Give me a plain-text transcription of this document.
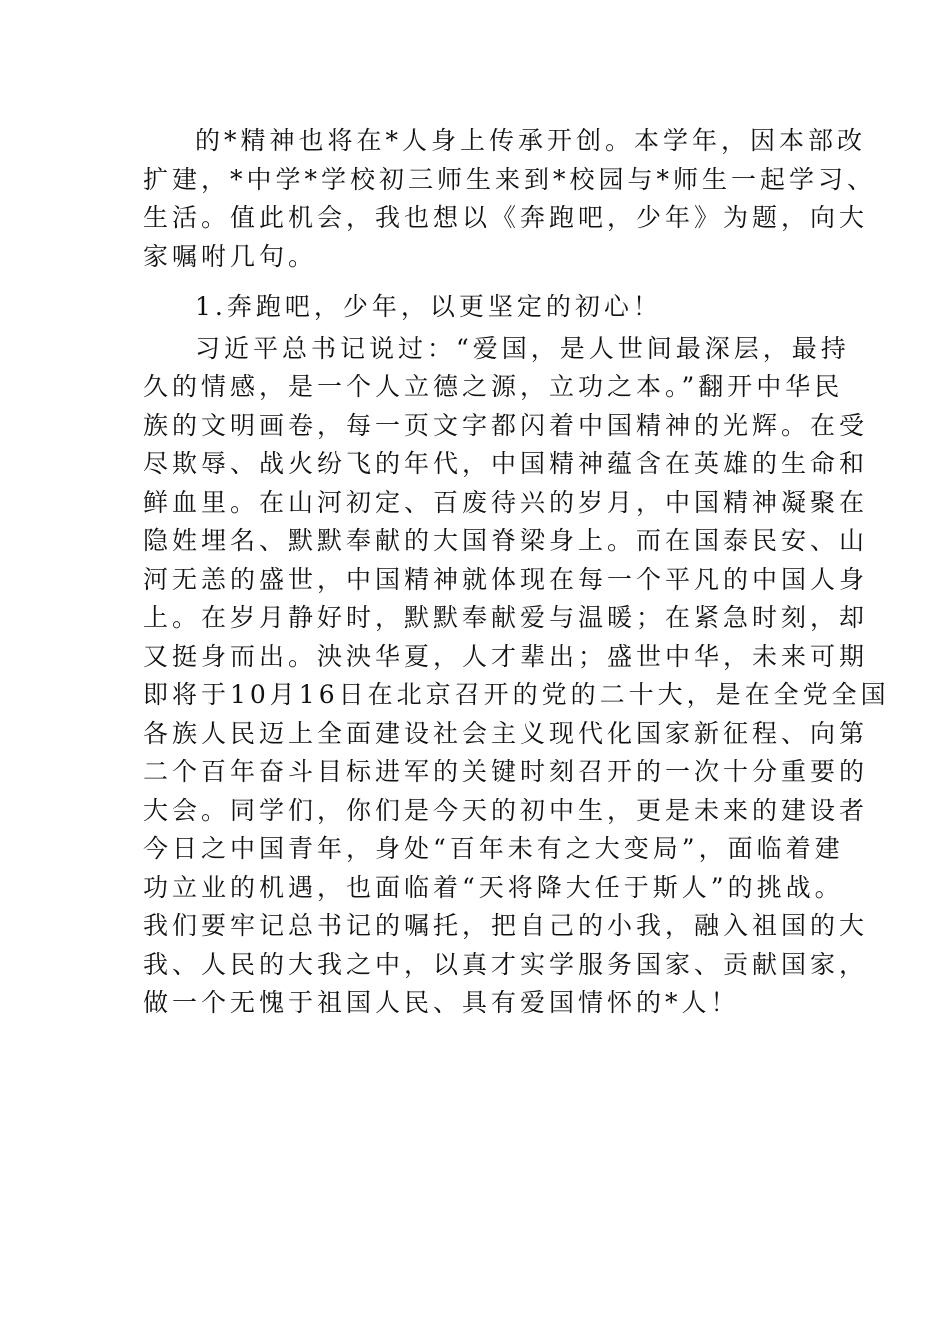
的*精神也将在*人身上传承开创。本学年，因本部改
扩建，*中学*学校初三师生来到*校园与*师生一起学习、
生活。值此机会，我也想以《奔跑吧，少年》为题，向大
家嘱咐几句。
1.奔跑吧，少年，以更坚定的初心！
习近平总书记说过：“爱国，是人世间最深层，最持
久的情感，是一个人立德之源，立功之本。”翻开中华民
族的文明画卷，每一页文字都闪着中国精神的光辉。在受
尽欺辱、战火纷飞的年代，中国精神蕴含在英雄的生命和
鲜血里。在山河初定、百废待兴的岁月，中国精神凝聚在
隐姓埋名、默默奉献的大国脊梁身上。而在国泰民安、山
河无恙的盛世，中国精神就体现在每一个平凡的中国人身
上。在岁月静好时，默默奉献爱与温暖；在紧急时刻，却
又挺身而出。泱泱华夏，人才辈出；盛世中华，未来可期
即将于10月16日在北京召开的党的二十大，是在全党全国
各族人民迈上全面建设社会主义现代化国家新征程、向第
二个百年奋斗目标进军的关键时刻召开的一次十分重要的
大会。同学们，你们是今天的初中生，更是未来的建设者
今日之中国青年，身处“百年未有之大变局”，面临着建
功立业的机遇，也面临着“天将降大任于斯人”的挑战。
我们要牢记总书记的嘱托，把自己的小我，融入祖国的大
我、人民的大我之中，以真才实学服务国家、贡献国家，
做一个无愧于祖国人民、具有爱国情怀的*人！
